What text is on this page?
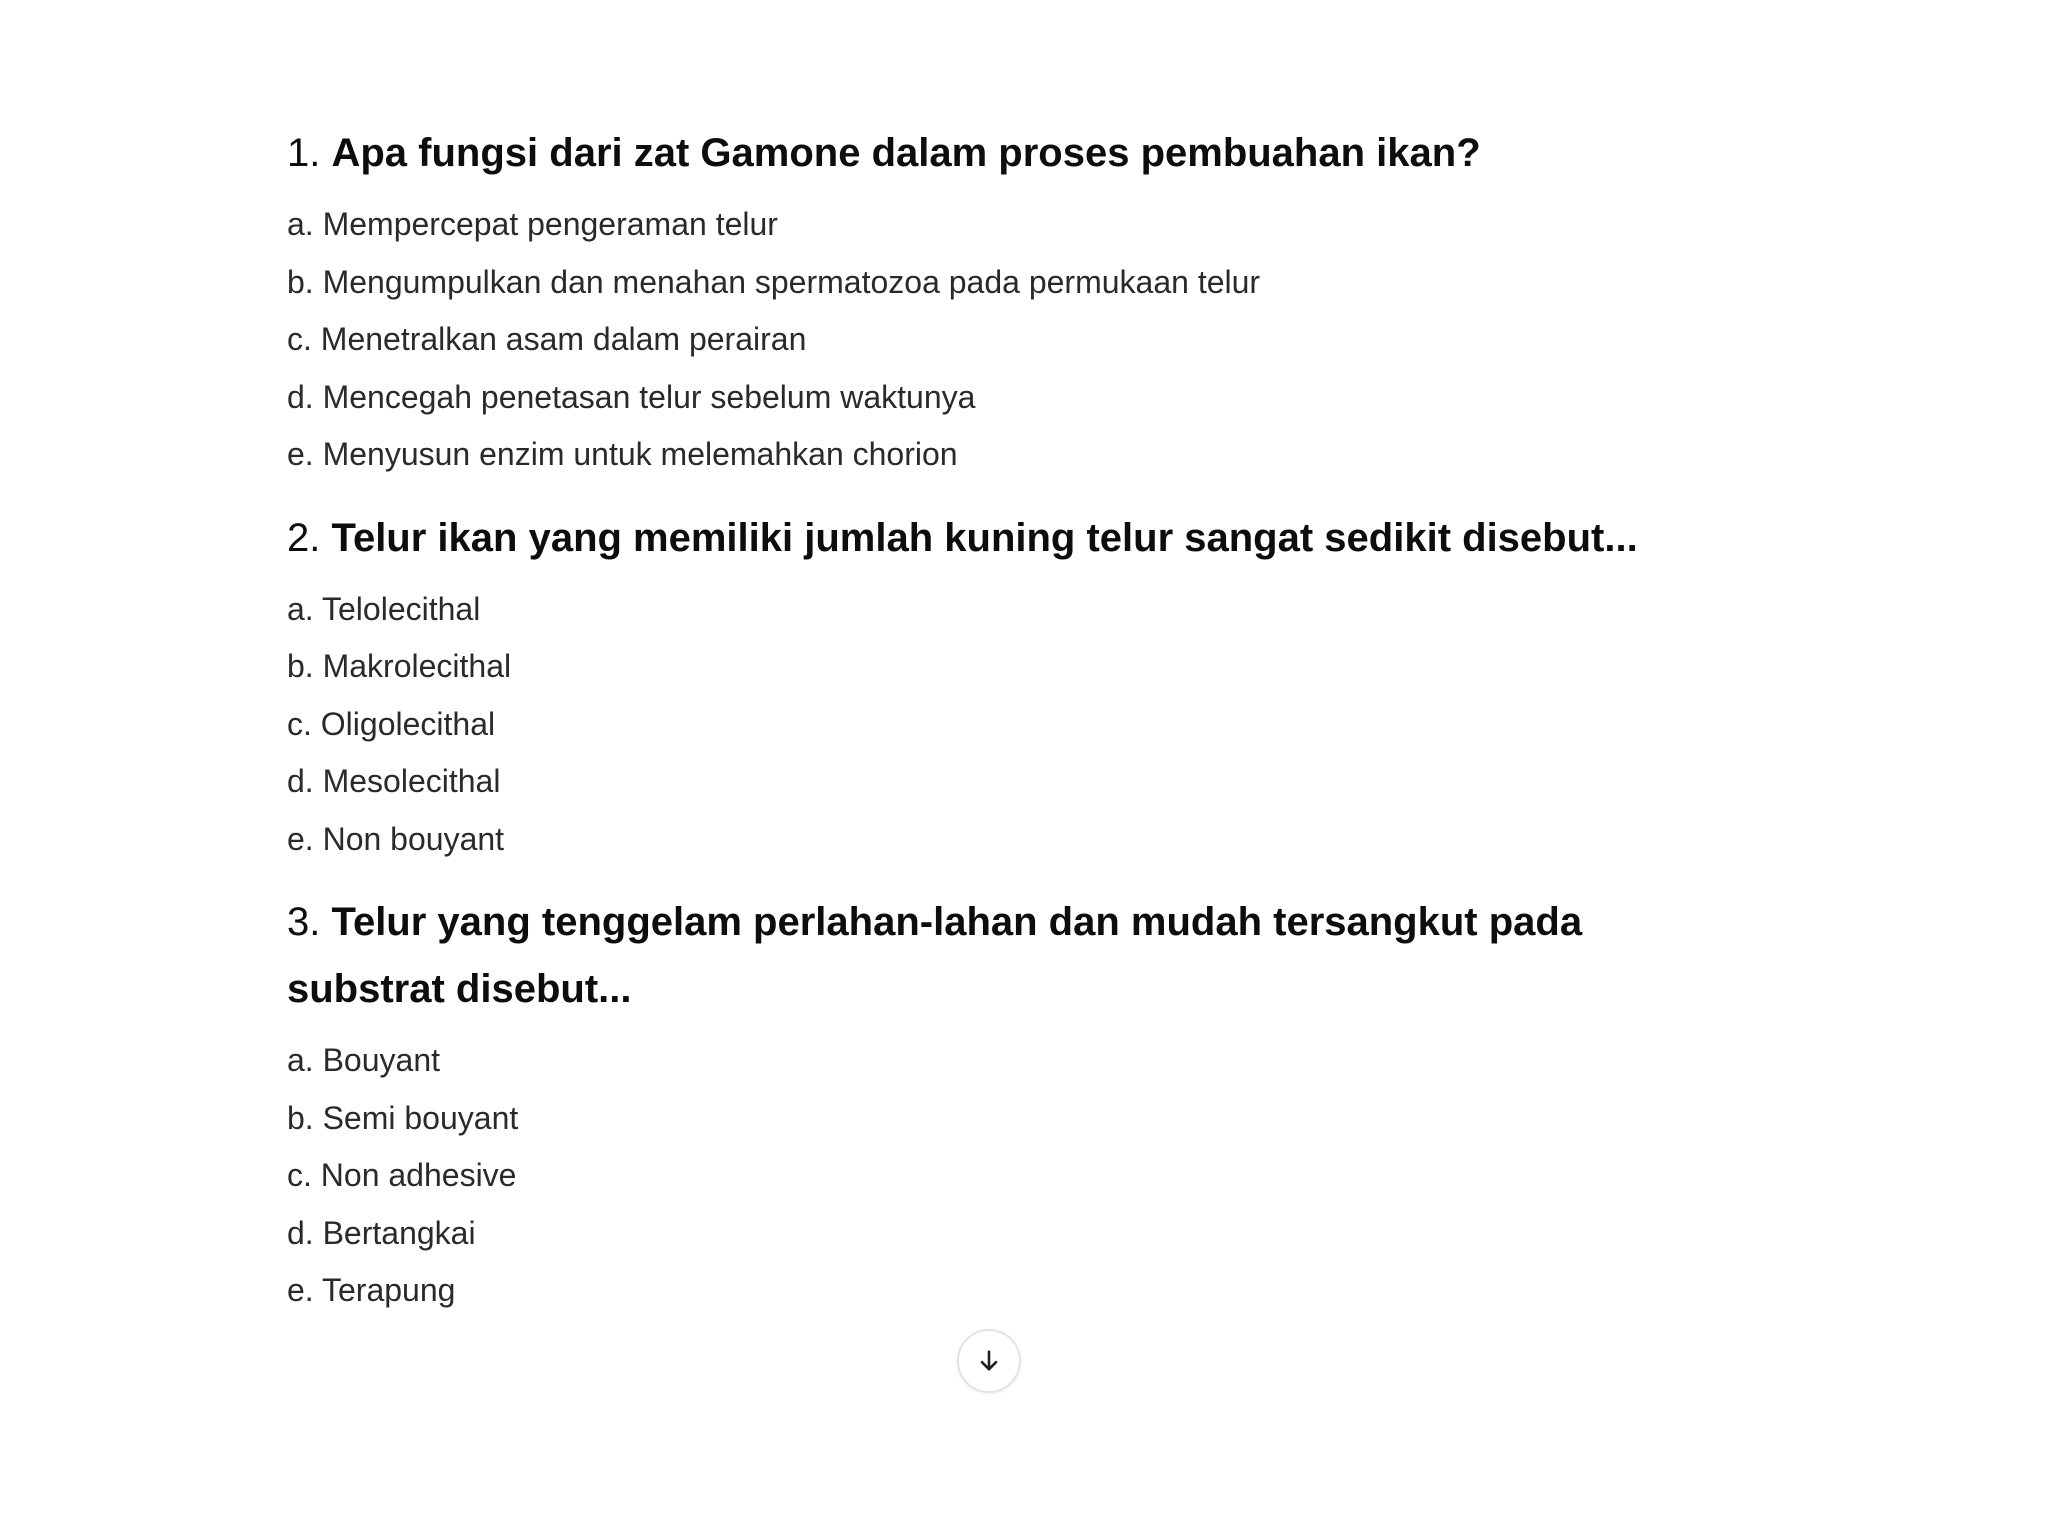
1. Apa fungsi dari zat Gamone dalam proses pembuahan ikan?

a. Mempercepat pengeraman telur
b. Mengumpulkan dan menahan spermatozoa pada permukaan telur
c. Menetralkan asam dalam perairan
d. Mencegah penetasan telur sebelum waktunya
e. Menyusun enzim untuk melemahkan chorion

2. Telur ikan yang memiliki jumlah kuning telur sangat sedikit disebut...

a. Telolecithal
b. Makrolecithal
c. Oligolecithal
d. Mesolecithal
e. Non bouyant

3. Telur yang tenggelam perlahan-lahan dan mudah tersangkut pada substrat disebut...

a. Bouyant
b. Semi bouyant
c. Non adhesive
d. Bertangkai
e. Terapung
